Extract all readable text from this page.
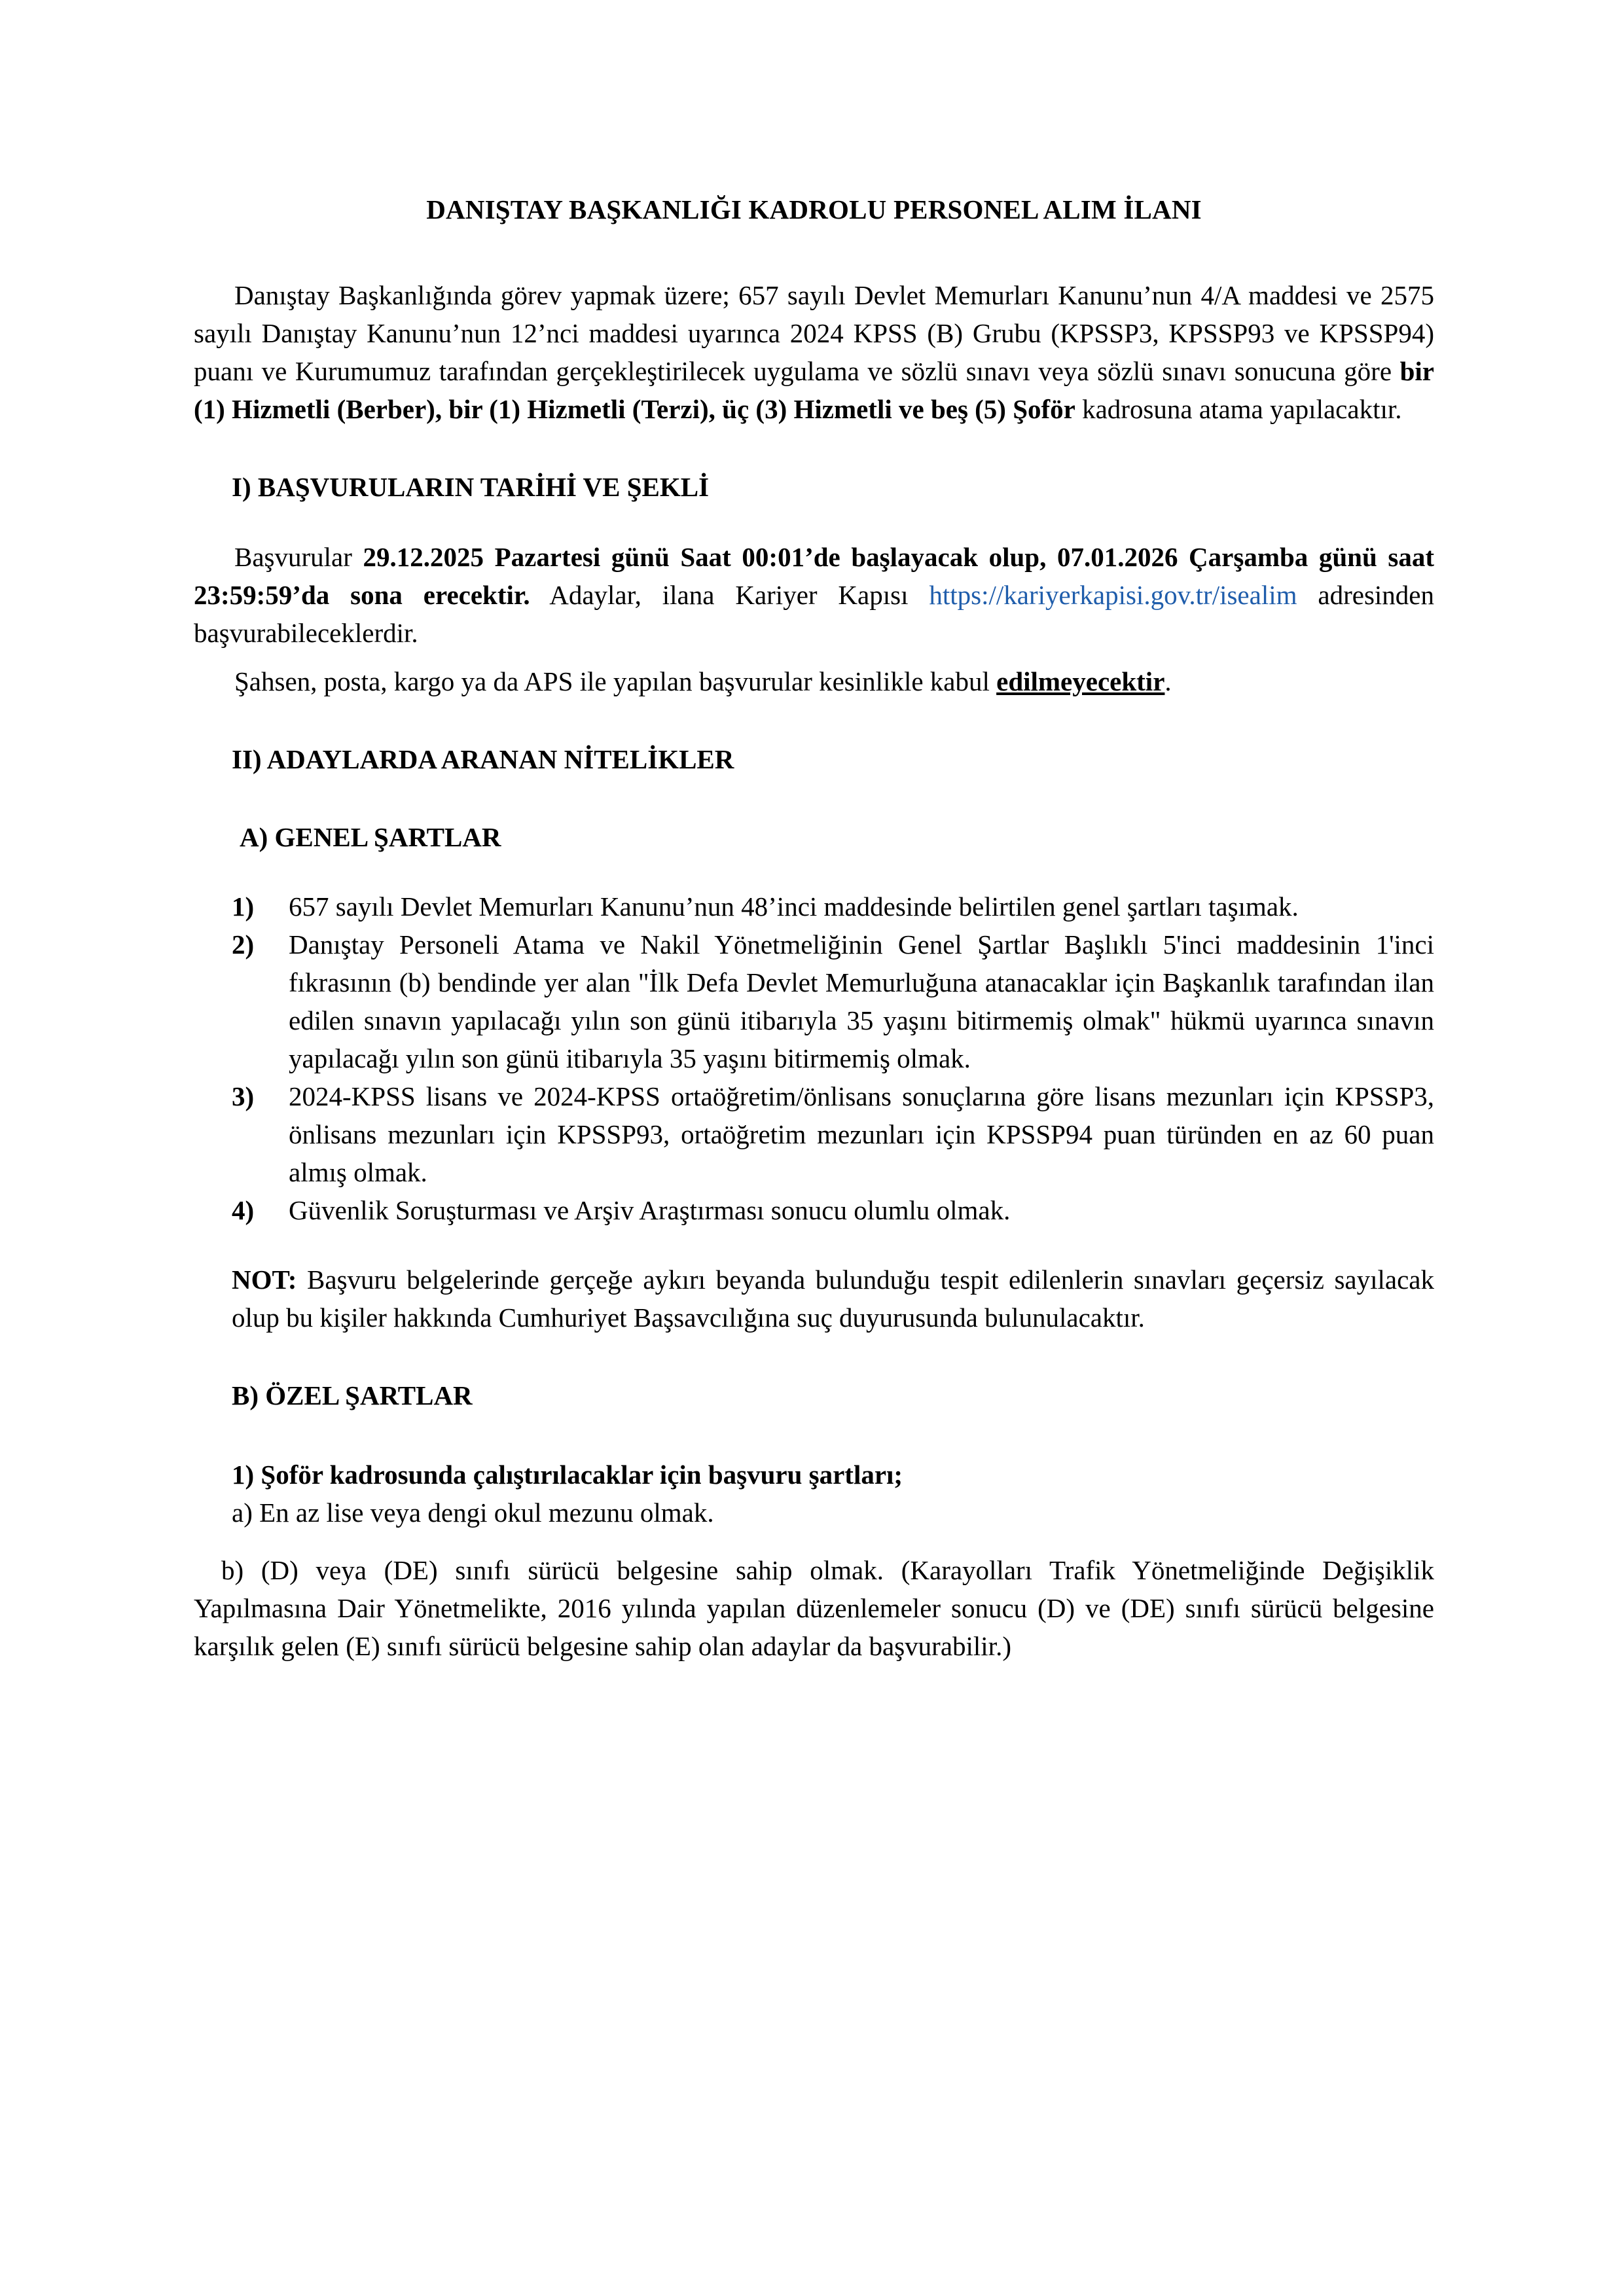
DANIŞTAY BAŞKANLIĞI KADROLU PERSONEL ALIM İLANI

Danıştay Başkanlığında görev yapmak üzere; 657 sayılı Devlet Memurları Kanunu’nun 4/A maddesi ve 2575 sayılı Danıştay Kanunu’nun 12’nci maddesi uyarınca 2024 KPSS (B) Grubu (KPSSP3, KPSSP93 ve KPSSP94) puanı ve Kurumumuz tarafından gerçekleştirilecek uygulama ve sözlü sınavı veya sözlü sınavı sonucuna göre bir (1) Hizmetli (Berber), bir (1) Hizmetli (Terzi), üç (3) Hizmetli ve beş (5) Şoför kadrosuna atama yapılacaktır.

I) BAŞVURULARIN TARİHİ VE ŞEKLİ

Başvurular 29.12.2025 Pazartesi günü Saat 00:01’de başlayacak olup, 07.01.2026 Çarşamba günü saat 23:59:59’da sona erecektir. Adaylar, ilana Kariyer Kapısı https://kariyerkapisi.gov.tr/isealim adresinden başvurabileceklerdir.

Şahsen, posta, kargo ya da APS ile yapılan başvurular kesinlikle kabul edilmeyecektir.

II) ADAYLARDA ARANAN NİTELİKLER
A) GENEL ŞARTLAR
1)	657 sayılı Devlet Memurları Kanunu’nun 48’inci maddesinde belirtilen genel şartları taşımak.
2)	Danıştay Personeli Atama ve Nakil Yönetmeliğinin Genel Şartlar Başlıklı 5'inci maddesinin 1'inci fıkrasının (b) bendinde yer alan "İlk Defa Devlet Memurluğuna atanacaklar için Başkanlık tarafından ilan edilen sınavın yapılacağı yılın son günü itibarıyla 35 yaşını bitirmemiş olmak" hükmü uyarınca sınavın yapılacağı yılın son günü itibarıyla 35 yaşını bitirmemiş olmak.
3)	2024-KPSS lisans ve 2024-KPSS ortaöğretim/önlisans sonuçlarına göre lisans mezunları için KPSSP3, önlisans mezunları için KPSSP93, ortaöğretim mezunları için KPSSP94 puan türünden en az 60 puan almış olmak.
4)	Güvenlik Soruşturması ve Arşiv Araştırması sonucu olumlu olmak.

NOT: Başvuru belgelerinde gerçeğe aykırı beyanda bulunduğu tespit edilenlerin sınavları geçersiz sayılacak olup bu kişiler hakkında Cumhuriyet Başsavcılığına suç duyurusunda bulunulacaktır.

B) ÖZEL ŞARTLAR

1) Şoför kadrosunda çalıştırılacaklar için başvuru şartları;

a) En az lise veya dengi okul mezunu olmak.

b) (D) veya (DE) sınıfı sürücü belgesine sahip olmak. (Karayolları Trafik Yönetmeliğinde Değişiklik Yapılmasına Dair Yönetmelikte, 2016 yılında yapılan düzenlemeler sonucu (D) ve (DE) sınıfı sürücü belgesine karşılık gelen (E) sınıfı sürücü belgesine sahip olan adaylar da başvurabilir.)
